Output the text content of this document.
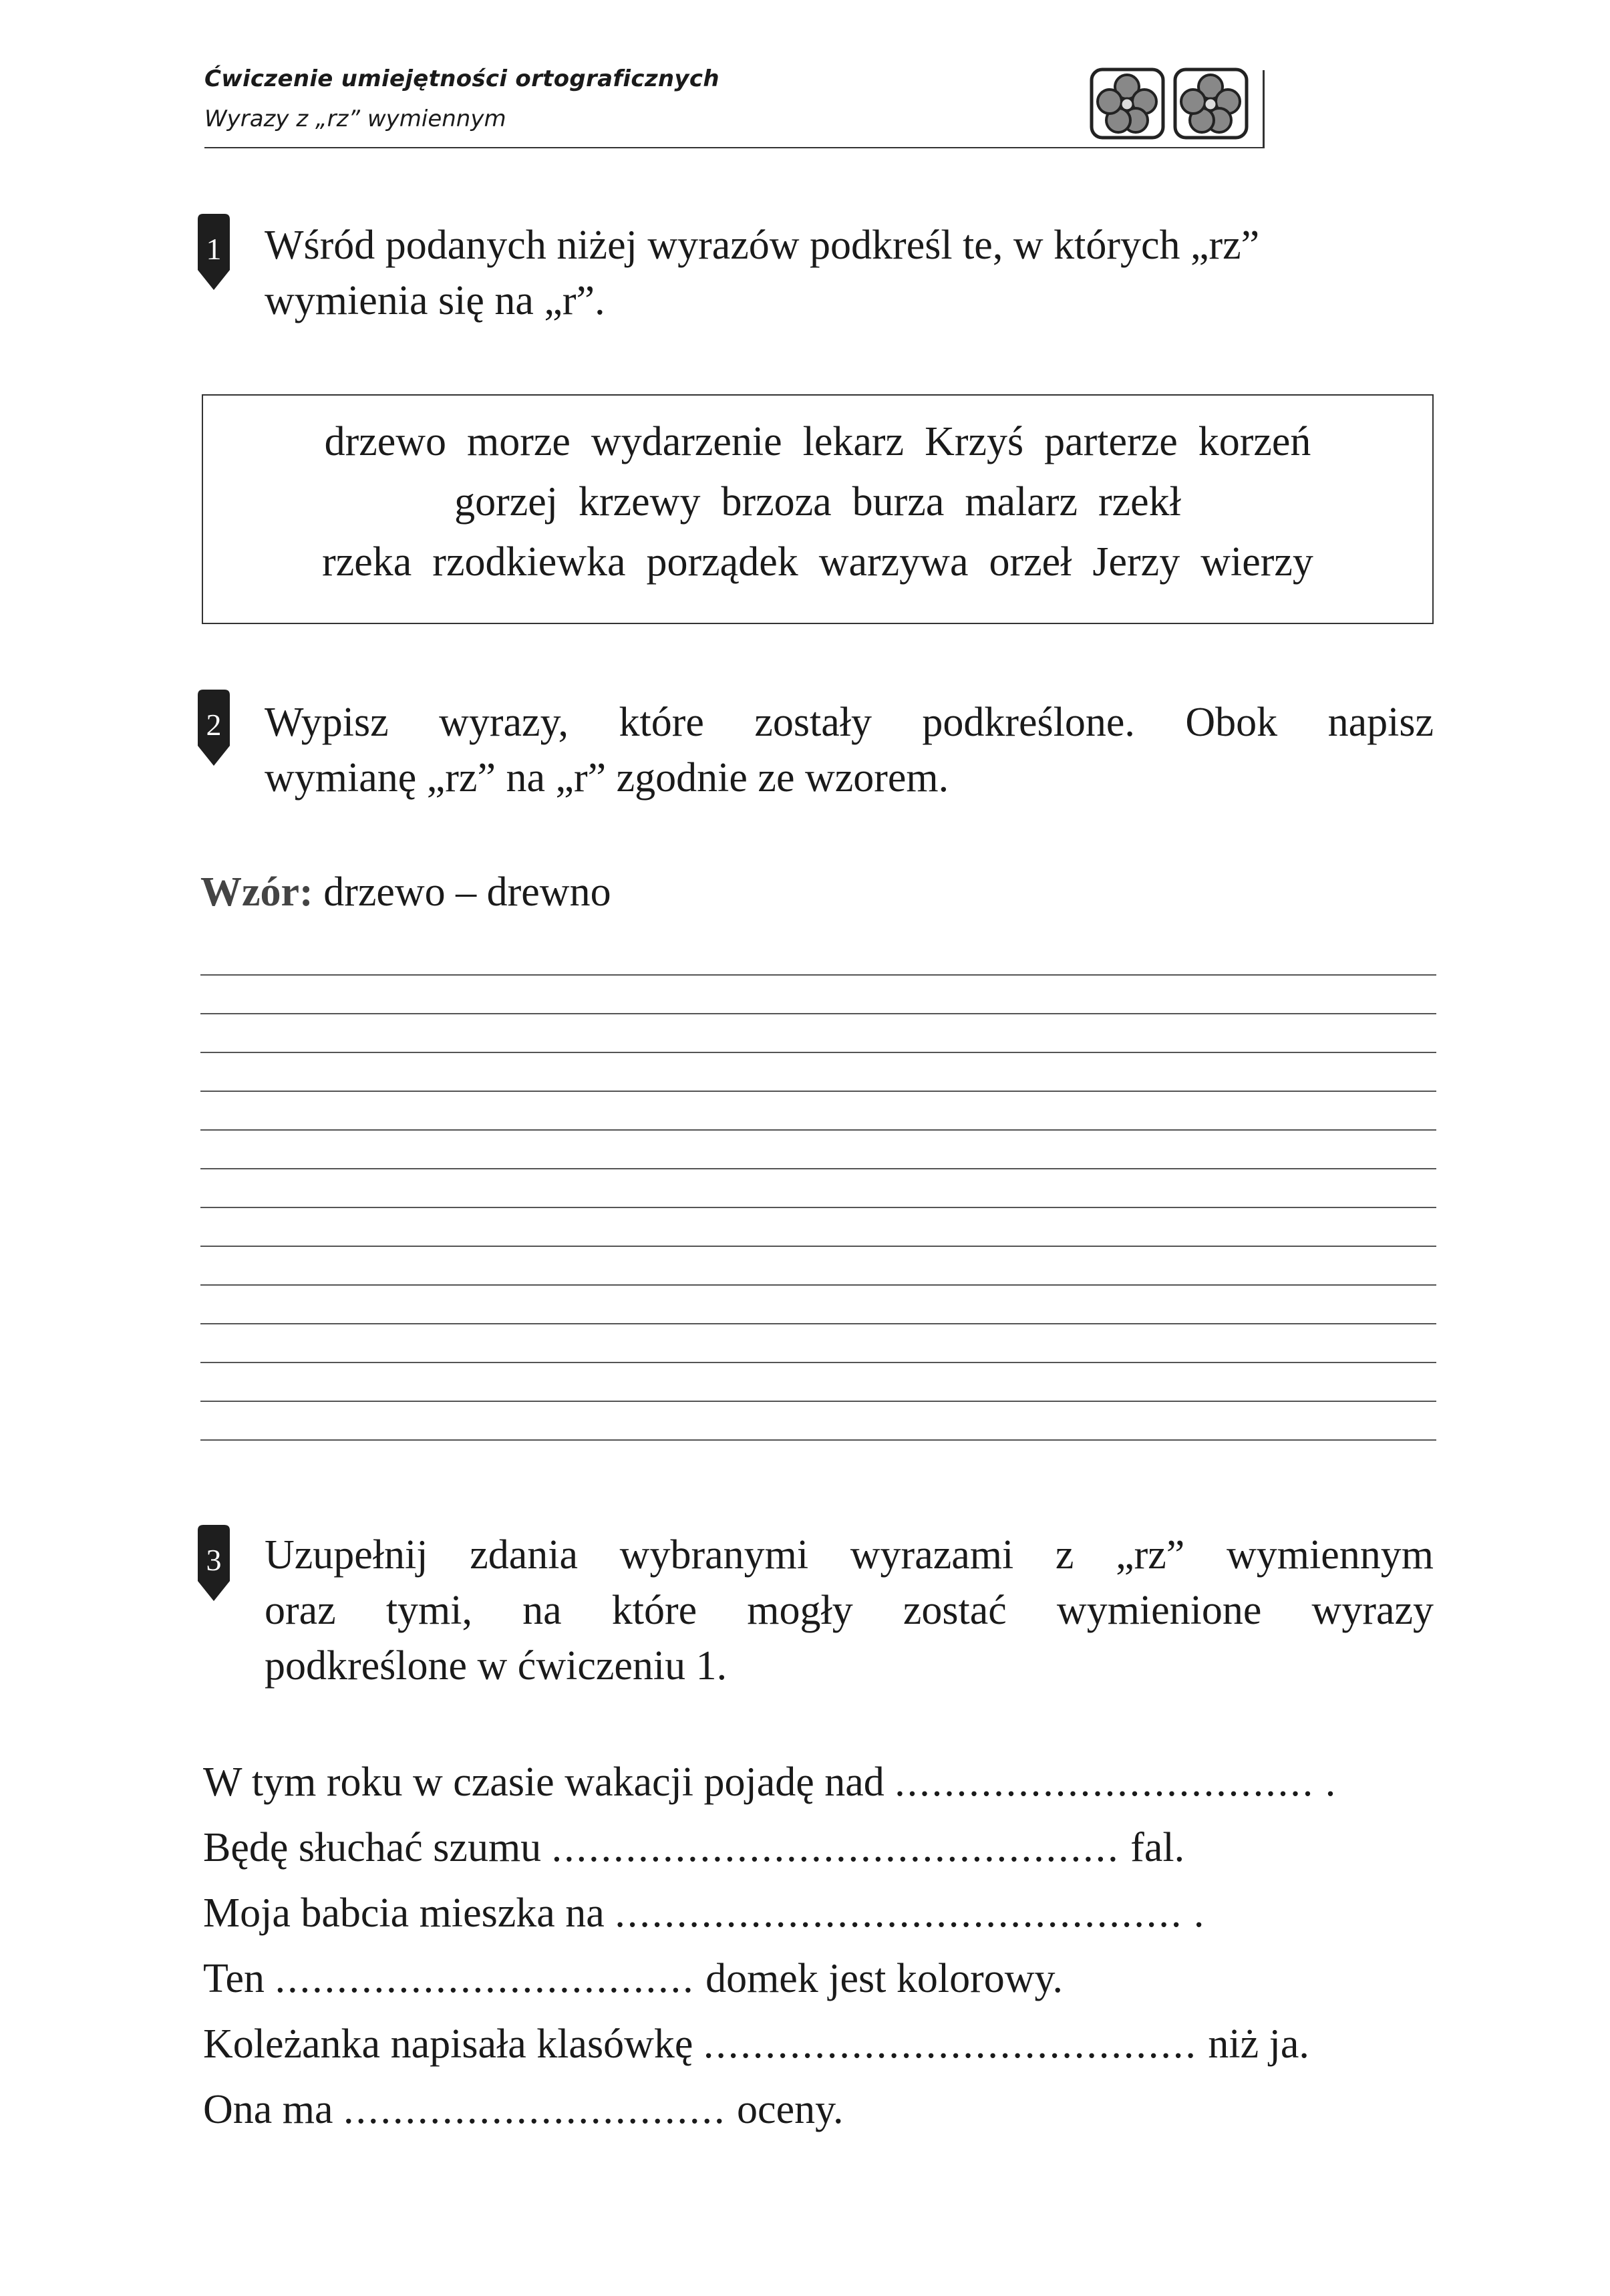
Ćwiczenie umiejętności ortograficznych
Wyrazy z „rz” wymiennym
1 Wśród podanych niżej wyrazów podkreśl te, w których „rz”
wymienia się na „r”.
drzewo  morze  wydarzenie  lekarz  Krzyś  parterze  korzeń
gorzej  krzewy  brzoza  burza  malarz  rzekł
rzeka  rzodkiewka  porządek  warzywa  orzeł  Jerzy  wierzy
2 Wypisz wyrazy, które zostały podkreślone. Obok napisz
wymianę „rz” na „r” zgodnie ze wzorem.
Wzór: drzewo – drewno
3 Uzupełnij zdania wybranymi wyrazami z „rz” wymiennym
oraz tymi, na które mogły zostać wymienione wyrazy
podkreślone w ćwiczeniu 1.
W tym roku w czasie wakacji pojadę nad .................................. .
Będę słuchać szumu .............................................. fal.
Moja babcia mieszka na .............................................. .
Ten .................................. domek jest kolorowy.
Koleżanka napisała klasówkę ........................................ niż ja.
Ona ma ............................... oceny.
